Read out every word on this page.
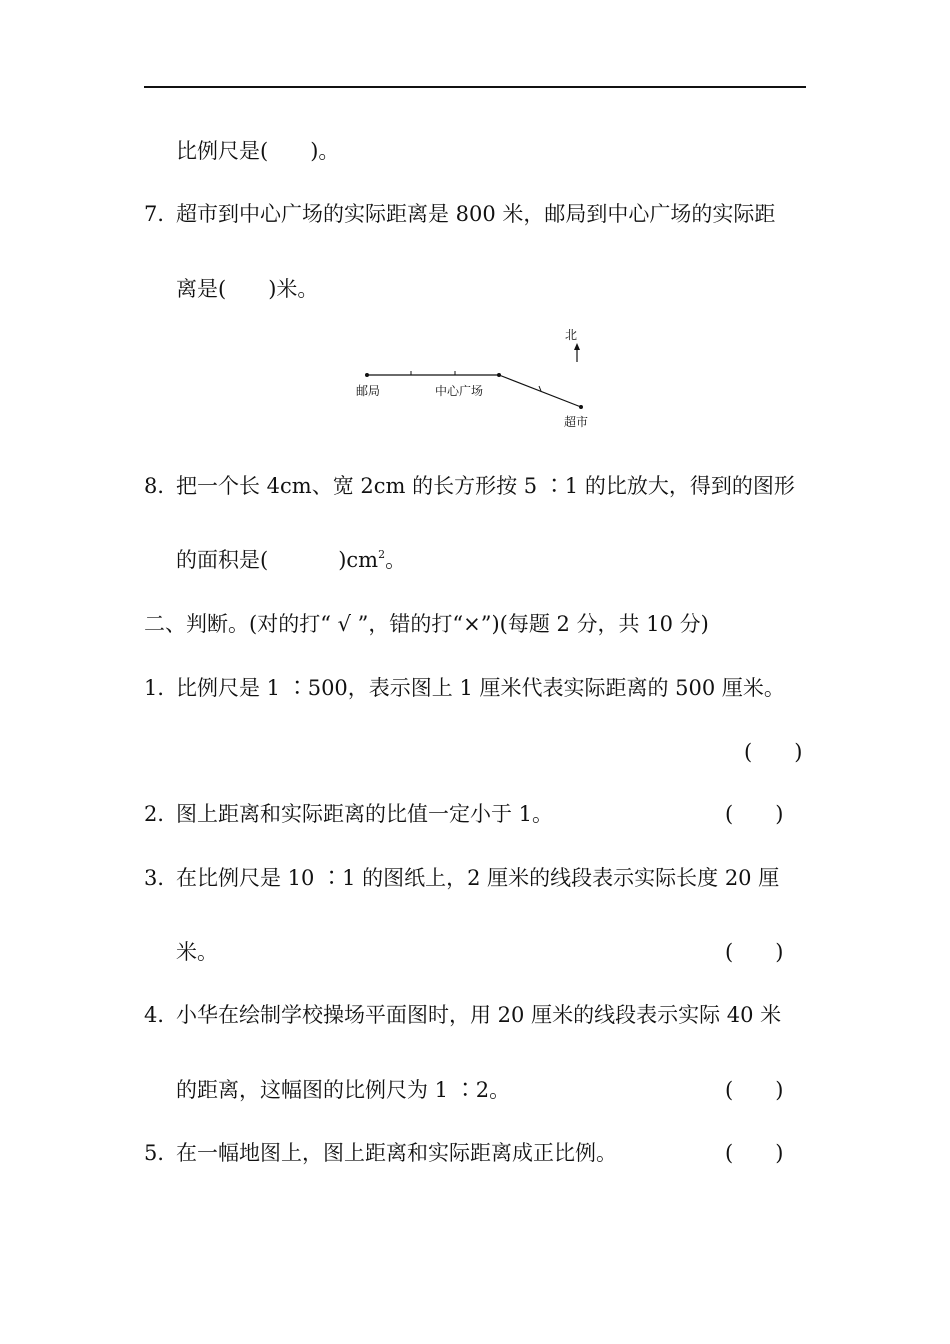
比例尺是( )。
7．超市到中心广场的实际距离是 800 米，邮局到中心广场的实际距
离是( )米。
北
邮局	中心广场
超市
8．把一个长 4cm、宽 2cm 的长方形按 5 ∶1 的比放大，得到的图形
的面积是(	)$cm^2$。
二、判断。(对的打“ √ ”，错的打“×”)(每题 2 分，共 10 分)
1．比例尺是 1 ∶500，表示图上 1 厘米代表实际距离的 500 厘米。
(　　)
2．图上距离和实际距离的比值一定小于 1。	(　　)
3．在比例尺是 10 ∶1 的图纸上，2 厘米的线段表示实际长度 20 厘
米。	(　　)
4．小华在绘制学校操场平面图时，用 20 厘米的线段表示实际 40 米
的距离，这幅图的比例尺为 1 ∶2。	(　　)
5．在一幅地图上，图上距离和实际距离成正比例。	(　　)
